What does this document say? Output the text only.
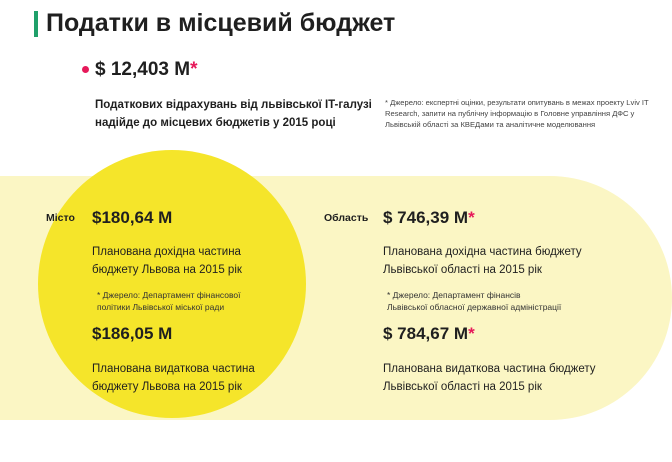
Податки в місцевий бюджет
$ 12,403 M*
Податкових відрахувань від львівської IT-галузі надійде до місцевих бюджетів у 2015 році
* Джерело: експертні оцінки, результати опитувань в межах проекту Lviv IT Research, запити на публічну інформацію в Головне управління ДФС у Львівській області за КВЕДами та аналітичне моделювання
Місто $180,64 M
Планована дохідна частина
бюджету Львова на 2015 рік
* Джерело: Департамент фінансової
політики Львівської міської ради
$186,05 M
Планована видаткова частина
бюджету Львова на 2015 рік
Область $ 746,39 M*
Планована дохідна частина бюджету
Львівської області на 2015 рік
* Джерело: Департамент фінансів
Львівської обласної державної адміністрації
$ 784,67 M*
Планована видаткова частина бюджету
Львівської області на 2015 рік
